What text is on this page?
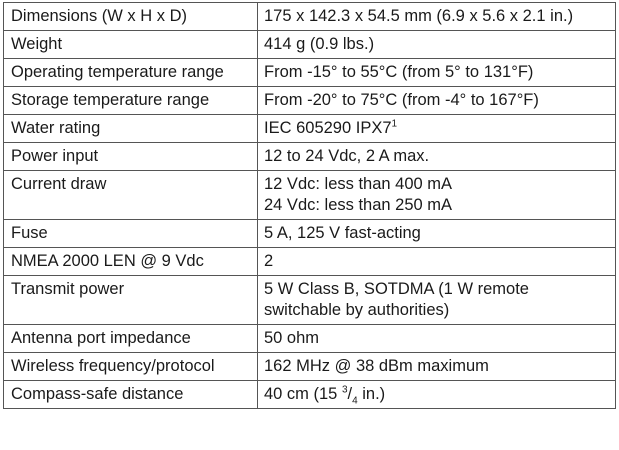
Dimensions (W x H x D)	175 x 142.3 x 54.5 mm (6.9 x 5.6 x 2.1 in.)
Weight	414 g (0.9 lbs.)
Operating temperature range	From -15° to 55°C (from 5° to 131°F)
Storage temperature range	From -20° to 75°C (from -4° to 167°F)
Water rating	IEC 605290 $IPX7^1$
Power input	12 to 24 Vdc, 2 A max.
Current draw	12 Vdc: less than 400 mA
24 Vdc: less than 250 mA

Fuse	5 A, 125 V fast-acting
NMEA 2000 LEN @ 9 Vdc	2
Transmit power	5 W Class B, SOTDMA (1 W remote switchable by authorities)
Antenna port impedance	50 ohm
Wireless frequency/protocol	162 MHz @ 38 dBm maximum
Compass-safe distance	40 cm (15 $^3/_4$ in.)
